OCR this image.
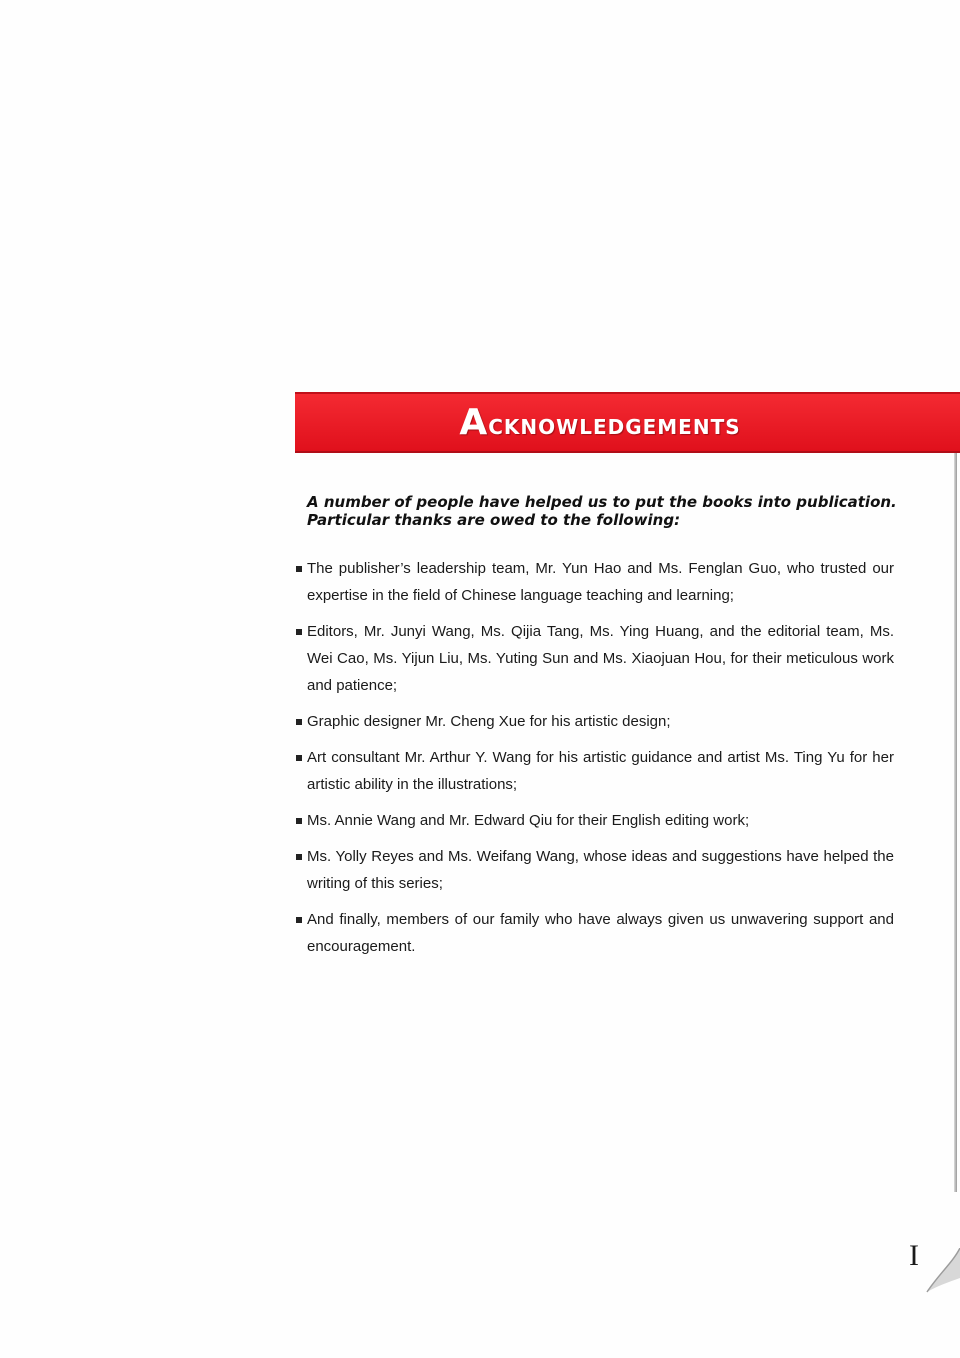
Acknowledgements
A number of people have helped us to put the books into publication.
Particular thanks are owed to the following:
The publisher’s leadership team, Mr. Yun Hao and Ms. Fenglan Guo, who trusted our expertise in the field of Chinese language teaching and learning;
Editors, Mr. Junyi Wang, Ms. Qijia Tang, Ms. Ying Huang, and the editorial team, Ms. Wei Cao, Ms. Yijun Liu, Ms. Yuting Sun and Ms. Xiaojuan Hou, for their meticulous work and patience;
Graphic designer Mr. Cheng Xue for his artistic design;
Art consultant Mr. Arthur Y. Wang for his artistic guidance and artist Ms. Ting Yu for her artistic ability in the illustrations;
Ms. Annie Wang and Mr. Edward Qiu for their English editing work;
Ms. Yolly Reyes and Ms. Weifang Wang, whose ideas and suggestions have helped the writing of this series;
And finally, members of our family who have always given us unwavering support and encouragement.
I
